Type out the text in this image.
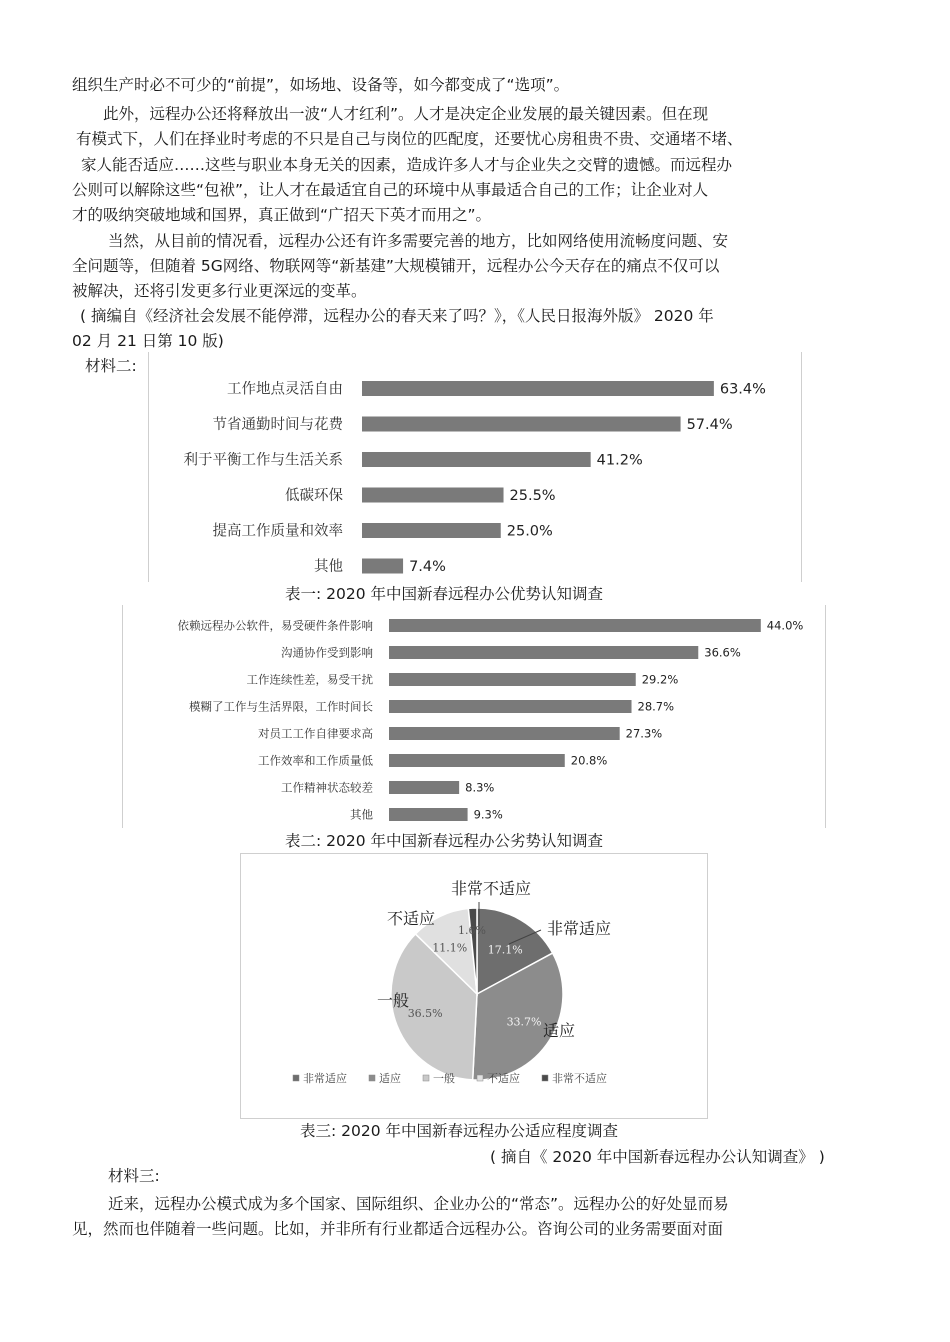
组织生产时必不可少的“前提”，如场地、设备等，如今都变成了“选项”。
此外，远程办公还将释放出一波“人才红利”。人才是决定企业发展的最关键因素。但在现
有模式下，人们在择业时考虑的不只是自己与岗位的匹配度，还要忧心房租贵不贵、交通堵不堵、
家人能否适应……这些与职业本身无关的因素，造成许多人才与企业失之交臂的遗憾。而远程办
公则可以解除这些“包袱”，让人才在最适宜自己的环境中从事最适合自己的工作；让企业对人
才的吸纳突破地域和国界，真正做到“广招天下英才而用之”。
当然，从目前的情况看，远程办公还有许多需要完善的地方，比如网络使用流畅度问题、安
全问题等，但随着 5G网络、物联网等“新基建”大规模铺开，远程办公今天存在的痛点不仅可以
被解决，还将引发更多行业更深远的变革。
( 摘编自《经济社会发展不能停滞，远程办公的春天来了吗？》，《人民日报海外版》 2020 年
02 月 21 日第 10 版)
材料二:
工作地点灵活自由	63.4%
节省通勤时间与花费	57.4%
利于平衡工作与生活关系	41.2%
低碳环保	25.5%
提高工作质量和效率	25.0%
其他	7.4%
表一: 2020 年中国新春远程办公优势认知调查
依赖远程办公软件，易受硬件条件影响	44.0%
沟通协作受到影响	36.6%
工作连续性差，易受干扰	29.2%
模糊了工作与生活界限，工作时间长	28.7%
对员工工作自律要求高	27.3%
工作效率和工作质量低	20.8%
工作精神状态较差	8.3%
其他	9.3%
表二: 2020 年中国新春远程办公劣势认知调查
17.1%
非常适应
33.7% 适应
36.5%
一般
11.1%
不适应
1.6%
非常不适应
非常适应	适应	一般	不适应	非常不适应
表三: 2020 年中国新春远程办公适应程度调查
( 摘自《 2020 年中国新春远程办公认知调查》 )
材料三:
近来，远程办公模式成为多个国家、国际组织、企业办公的“常态”。远程办公的好处显而易
见，然而也伴随着一些问题。比如，并非所有行业都适合远程办公。咨询公司的业务需要面对面
